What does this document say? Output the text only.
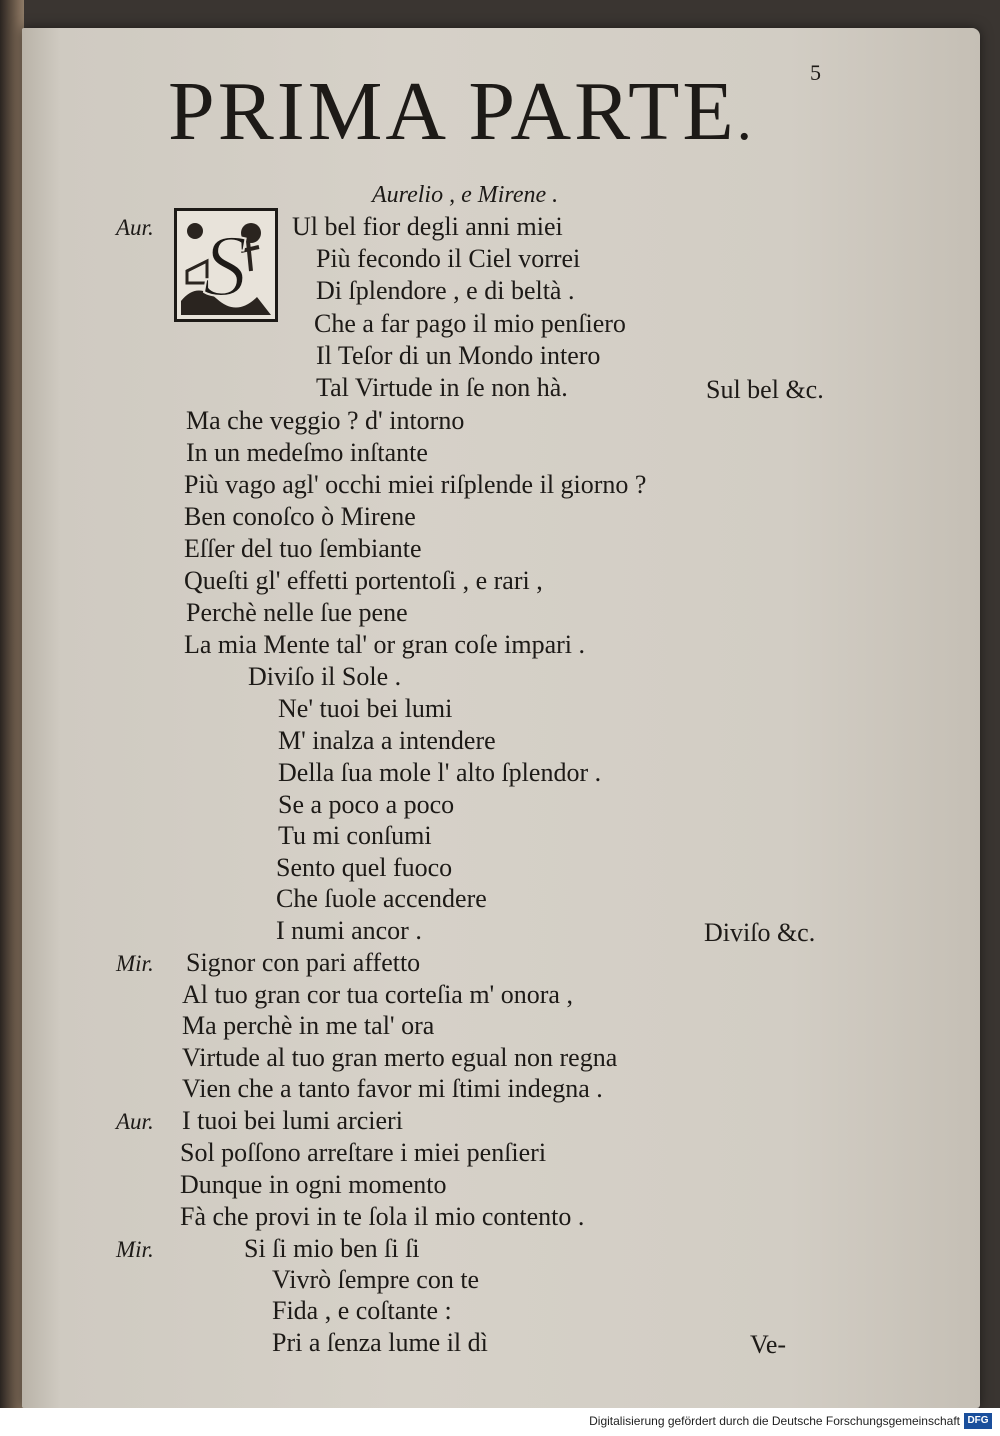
5
PRIMA PARTE.
Aurelio , e Mirene .
Aur. S Ul bel fior degli anni miei
Più fecondo il Ciel vorrei
Di ſplendore , e di beltà .
Che a far pago il mio penſiero
Il Teſor di un Mondo intero
Tal Virtude in ſe non hà.	Sul bel &c.
Ma che veggio ? d' intorno
In un medeſmo inſtante
Più vago agl' occhi miei riſplende il giorno ?
Ben conoſco ò Mirene
Eſſer del tuo ſembiante
Queſti gl' effetti portentoſi , e rari ,
Perchè nelle ſue pene
La mia Mente tal' or gran coſe impari .
Diviſo il Sole .
Ne' tuoi bei lumi
M' inalza a intendere
Della ſua mole l' alto ſplendor .
Se a poco a poco
Tu mi conſumi
Sento quel fuoco
Che ſuole accendere
I numi ancor .	Diviſo &c.
Mir. Signor con pari affetto
Al tuo gran cor tua corteſia m' onora ,
Ma perchè in me tal' ora
Virtude al tuo gran merto egual non regna
Vien che a tanto favor mi ſtimi indegna .
Aur. I tuoi bei lumi arcieri
Sol poſſono arreſtare i miei penſieri
Dunque in ogni momento
Fà che provi in te ſola il mio contento .
Mir.	Si ſi mio ben ſi ſi
Vivrò ſempre con te
Fida , e coſtante :
Pri a ſenza lume il dì	Ve-
Digitalisierung gefördert durch die Deutsche Forschungsgemeinschaft DFG
